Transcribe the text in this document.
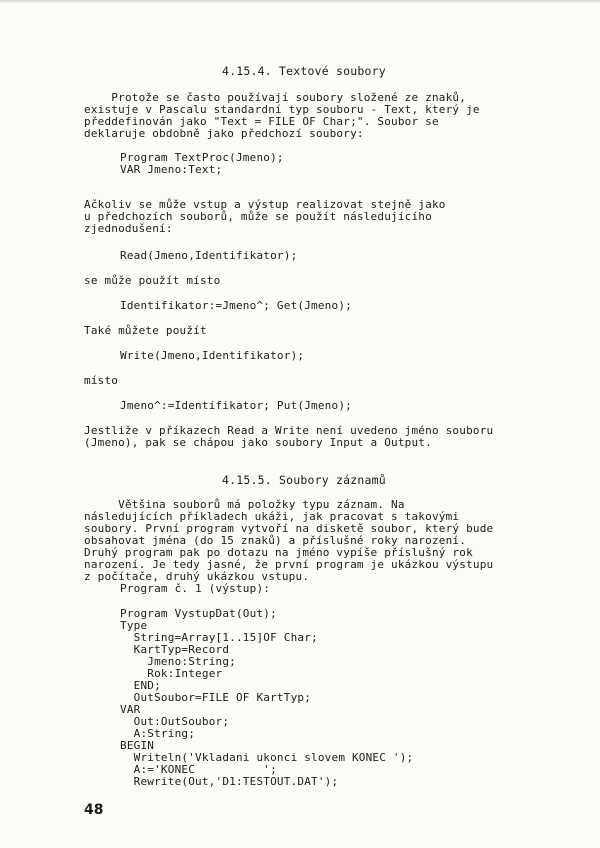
4.15.4. Textové soubory
Protože se často používají soubory složené ze znaků,
existuje v Pascalu standardní typ souboru - Text, který je
předdefinován jako "Text = FILE OF Char;". Soubor se
deklaruje obdobně jako předchozí soubory:
Program TextProc(Jmeno);
VAR Jmeno:Text;
Ačkoliv se může vstup a výstup realizovat stejně jako
u předchozích souborů, může se použít následujícího
zjednodušení:
Read(Jmeno,Identifikator);
se může použít místo
Identifikator:=Jmeno^; Get(Jmeno);
Také můžete použít
Write(Jmeno,Identifikator);
místo
Jmeno^:=Identifikator; Put(Jmeno);
Jestliže v příkazech Read a Write není uvedeno jméno souboru
(Jmeno), pak se chápou jako soubory Input a Output.
4.15.5. Soubory záznamů
Většina souborů má položky typu záznam. Na
následujících příkladech ukáži, jak pracovat s takovými
soubory. První program vytvoří na disketě soubor, který bude
obsahovat jména (do 15 znaků) a příslušné roky narození.
Druhý program pak po dotazu na jméno vypíše příslušný rok
narození. Je tedy jasné, že první program je ukázkou výstupu
z počítače, druhý ukázkou vstupu.
Program č. 1 (výstup):
Program VystupDat(Out);
Type
String=Array[1..15]OF Char;
KartTyp=Record
Jmeno:String;
Rok:Integer
END;
OutSoubor=FILE OF KartTyp;
VAR
Out:OutSoubor;
A:String;
BEGIN
Writeln('Vkladani ukonci slovem KONEC ');
A:='KONEC          ';
Rewrite(Out,'D1:TESTOUT.DAT');
48
